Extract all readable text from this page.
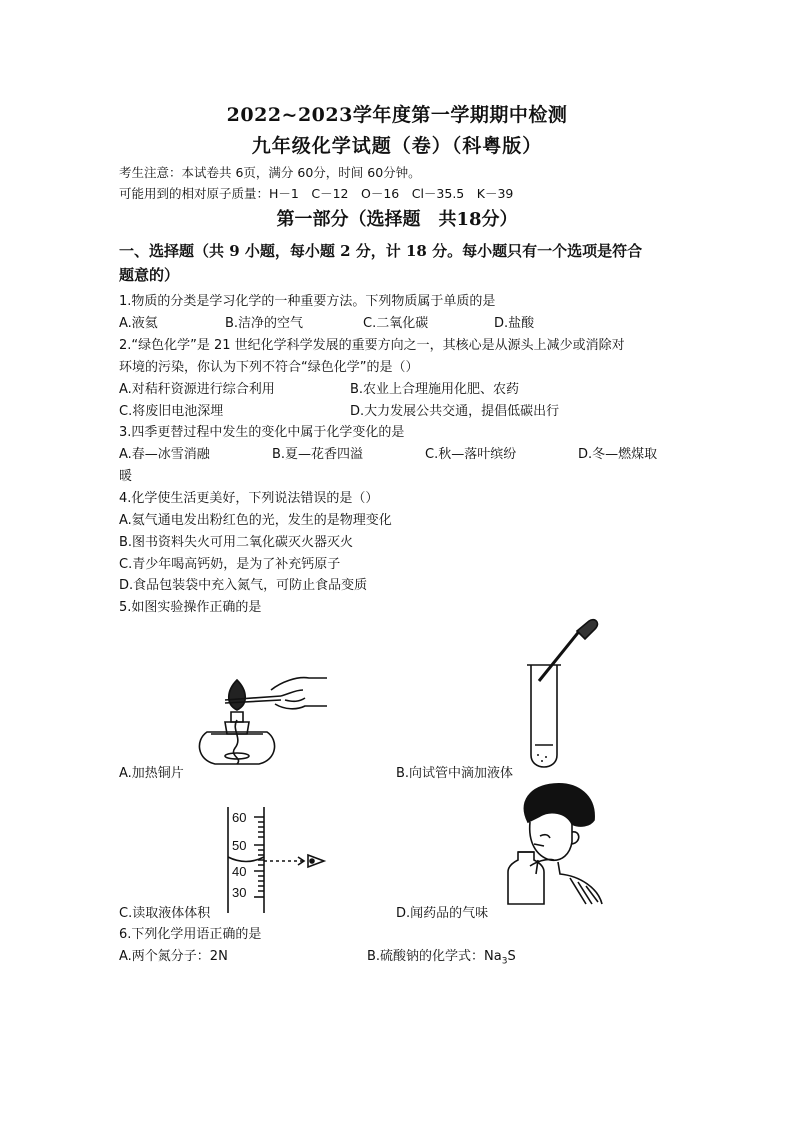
2022~2023学年度第一学期期中检测
九年级化学试题（卷）（科粤版）
考生注意：本试卷共 6页，满分 60分，时间 60分钟。
可能用到的相对原子质量：H－1　C－12　O－16　Cl－35.5　K－39
第一部分（选择题　共18分）
一、选择题（共 9 小题，每小题 2 分，计 18 分。每小题只有一个选项是符合
题意的）
1.物质的分类是学习化学的一种重要方法。下列物质属于单质的是
A.液氦	B.洁净的空气	C.二氧化碳	D.盐酸
2.“绿色化学”是 21 世纪化学科学发展的重要方向之一，其核心是从源头上减少或消除对
环境的污染，你认为下列不符合“绿色化学”的是（）
A.对秸秆资源进行综合利用	B.农业上合理施用化肥、农药
C.将废旧电池深埋	D.大力发展公共交通，提倡低碳出行
3.四季更替过程中发生的变化中属于化学变化的是
A.春—冰雪消融	B.夏—花香四溢	C.秋—落叶缤纷	D.冬—燃煤取
暖
4.化学使生活更美好，下列说法错误的是（）
A.氦气通电发出粉红色的光，发生的是物理变化
B.图书资料失火可用二氧化碳灭火器灭火
C.青少年喝高钙奶，是为了补充钙原子
D.食品包装袋中充入氮气，可防止食品变质
5.如图实验操作正确的是
A.加热铜片	B.向试管中滴加液体
60
50
40
30
C.读取液体体积	D.闻药品的气味
6.下列化学用语正确的是
A.两个氮分子：2N	B.硫酸钠的化学式：$Na_3S$
